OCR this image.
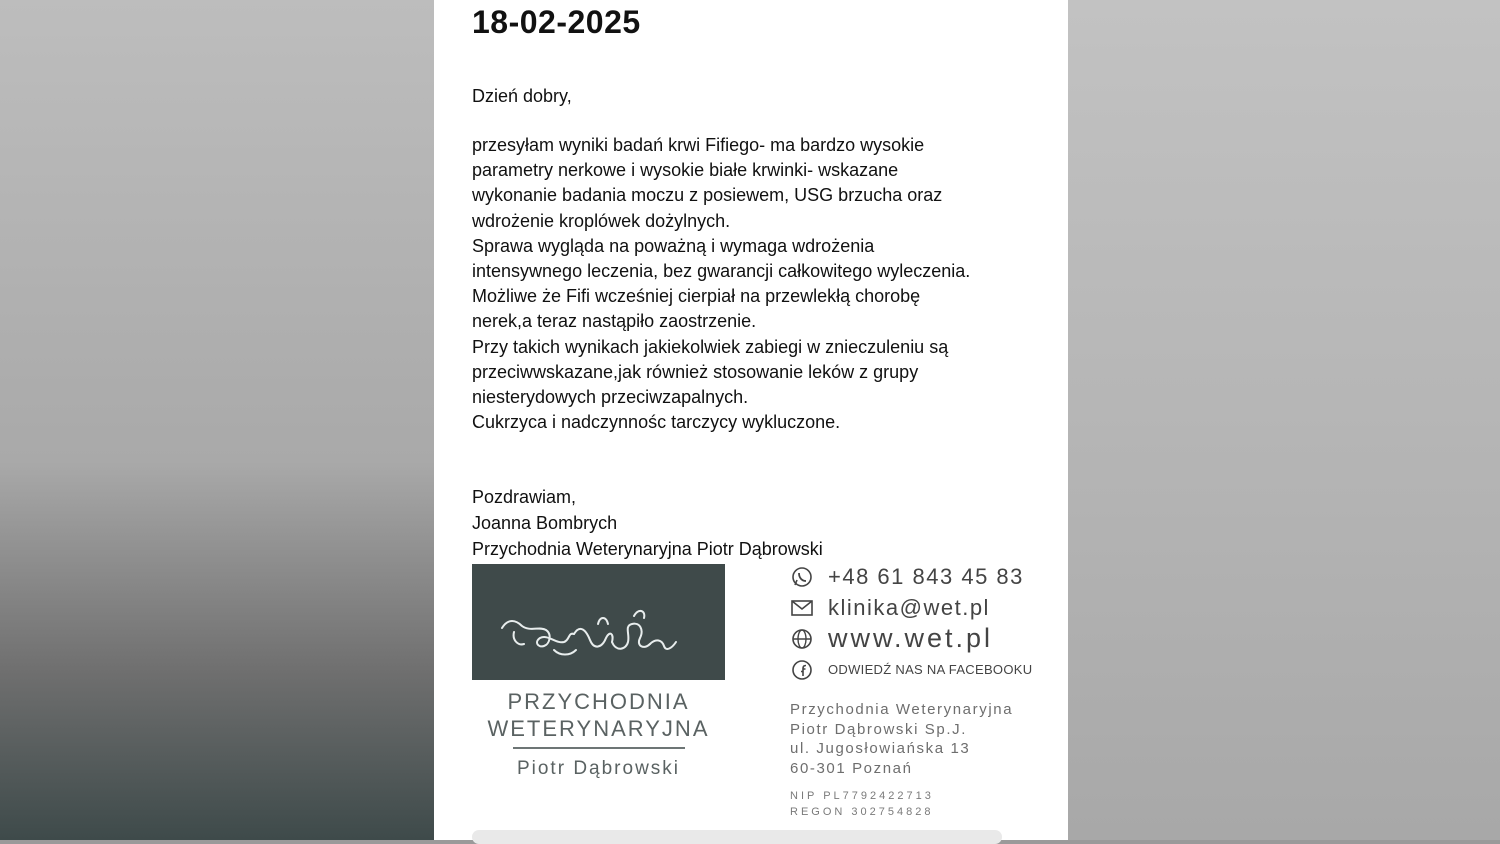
18-02-2025
Dzień dobry,
przesyłam wyniki badań krwi Fifiego- ma bardzo wysokie
parametry nerkowe i wysokie białe krwinki- wskazane
wykonanie badania moczu z posiewem, USG brzucha oraz
wdrożenie kroplówek dożylnych.
Sprawa wygląda na poważną i wymaga wdrożenia
intensywnego leczenia, bez gwarancji całkowitego wyleczenia.
Możliwe że Fifi wcześniej cierpiał na przewlekłą chorobę
nerek,a teraz nastąpiło zaostrzenie.
Przy takich wynikach jakiekolwiek zabiegi w znieczuleniu są
przeciwwskazane,jak również stosowanie leków z grupy
niesterydowych przeciwzapalnych.
Cukrzyca i nadczynnośc tarczycy wykluczone.
Pozdrawiam,
Joanna Bombrych
Przychodnia Weterynaryjna Piotr Dąbrowski
PRZYCHODNIA
WETERYNARYJNA
Piotr Dąbrowski
+48 61 843 45 83
klinika@wet.pl
www.wet.pl
ODWIEDŹ NAS NA FACEBOOKU
Przychodnia Weterynaryjna
Piotr Dąbrowski Sp.J.
ul. Jugosłowiańska 13
60-301 Poznań
NIP PL7792422713
REGON 302754828
